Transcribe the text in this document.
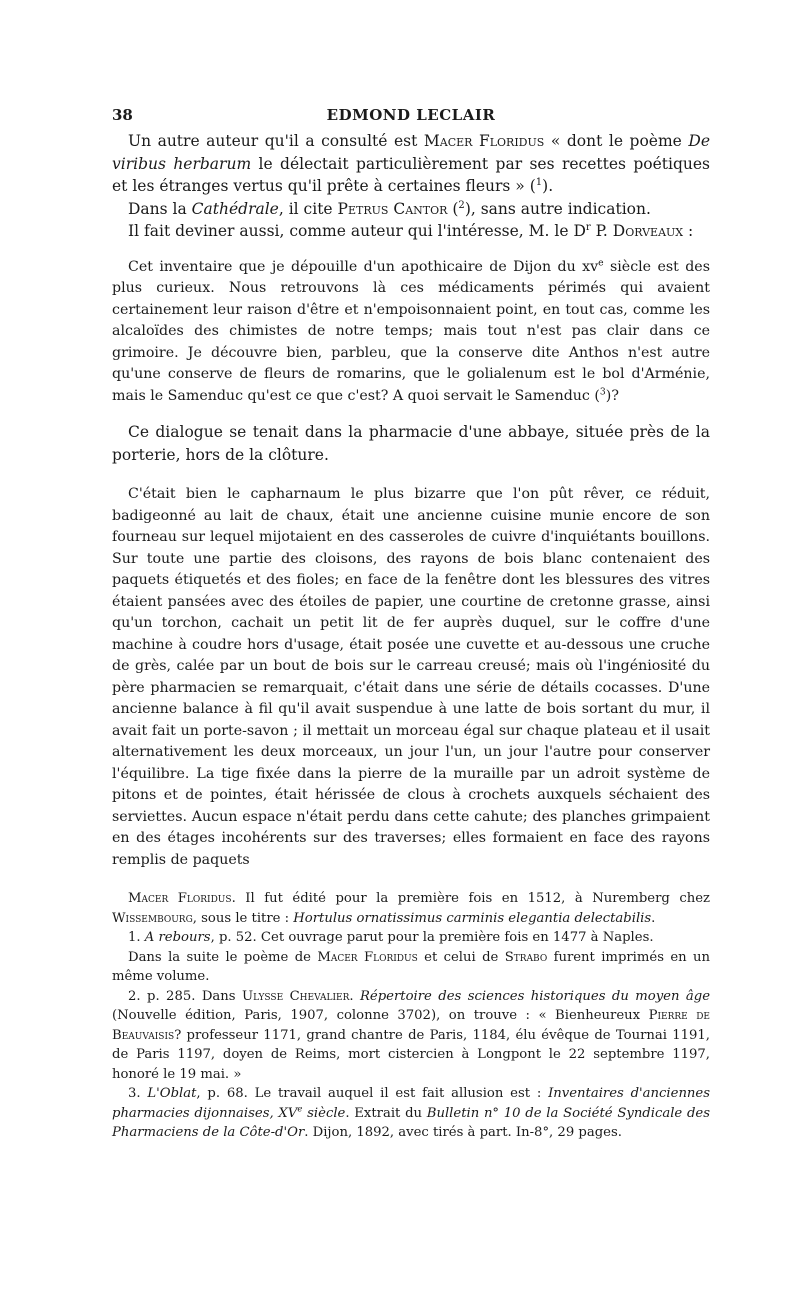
38	EDMOND LECLAIR

Un autre auteur qu'il a consulté est Macer Floridus « dont le poème De viribus herbarum le délectait particulièrement par ses recettes poétiques et les étranges vertus qu'il prête à certaines fleurs » ($^1$).

Dans la Cathédrale, il cite Petrus Cantor ($^2$), sans autre indication.

Il fait deviner aussi, comme auteur qui l'intéresse, M. le $D^r$ P. Dorveaux :

Cet inventaire que je dépouille d'un apothicaire de Dijon du $xv^e$ siècle est des plus curieux. Nous retrouvons là ces médicaments périmés qui avaient certainement leur raison d'être et n'empoisonnaient point, en tout cas, comme les alcaloïdes des chimistes de notre temps; mais tout n'est pas clair dans ce grimoire. Je découvre bien, parbleu, que la conserve dite Anthos n'est autre qu'une conserve de fleurs de romarins, que le golialenum est le bol d'Arménie, mais le Samenduc qu'est ce que c'est? A quoi servait le Samenduc ($^3$)?

Ce dialogue se tenait dans la pharmacie d'une abbaye, située près de la porterie, hors de la clôture.

C'était bien le capharnaum le plus bizarre que l'on pût rêver, ce réduit, badigeonné au lait de chaux, était une ancienne cuisine munie encore de son fourneau sur lequel mijotaient en des casseroles de cuivre d'inquiétants bouillons. Sur toute une partie des cloisons, des rayons de bois blanc contenaient des paquets étiquetés et des fioles; en face de la fenêtre dont les blessures des vitres étaient pansées avec des étoiles de papier, une courtine de cretonne grasse, ainsi qu'un torchon, cachait un petit lit de fer auprès duquel, sur le coffre d'une machine à coudre hors d'usage, était posée une cuvette et au-dessous une cruche de grès, calée par un bout de bois sur le carreau creusé; mais où l'ingéniosité du père pharmacien se remarquait, c'était dans une série de détails cocasses. D'une ancienne balance à fil qu'il avait suspendue à une latte de bois sortant du mur, il avait fait un porte-savon ; il mettait un morceau égal sur chaque plateau et il usait alternativement les deux morceaux, un jour l'un, un jour l'autre pour conserver l'équilibre. La tige fixée dans la pierre de la muraille par un adroit système de pitons et de pointes, était hérissée de clous à crochets auxquels séchaient des serviettes. Aucun espace n'était perdu dans cette cahute; des planches grimpaient en des étages incohérents sur des traverses; elles formaient en face des rayons remplis de paquets

Macer Floridus. Il fut édité pour la première fois en 1512, à Nuremberg chez Wissembourg, sous le titre : Hortulus ornatissimus carminis elegantia delectabilis.

1. A rebours, p. 52. Cet ouvrage parut pour la première fois en 1477 à Naples.

Dans la suite le poème de Macer Floridus et celui de Strabo furent imprimés en un même volume.

2. p. 285. Dans Ulysse Chevalier. Répertoire des sciences historiques du moyen âge (Nouvelle édition, Paris, 1907, colonne 3702), on trouve : « Bienheureux Pierre de Beauvaisis? professeur 1171, grand chantre de Paris, 1184, élu évêque de Tournai 1191, de Paris 1197, doyen de Reims, mort cistercien à Longpont le 22 septembre 1197, honoré le 19 mai. »

3. L'Oblat, p. 68. Le travail auquel il est fait allusion est : Inventaires d'anciennes pharmacies dijonnaises, XVe siècle. Extrait du Bulletin n° 10 de la Société Syndicale des Pharmaciens de la Côte-d'Or. Dijon, 1892, avec tirés à part. In-8°, 29 pages.
